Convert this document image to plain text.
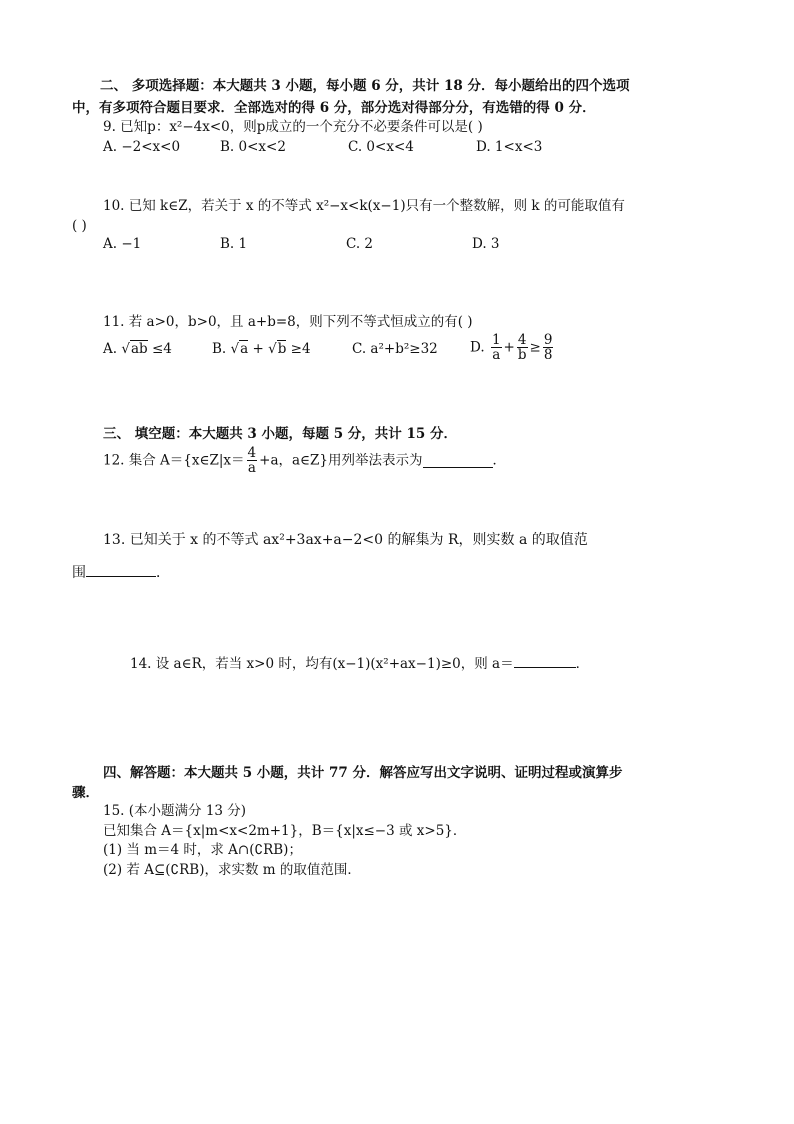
二、 多项选择题：本大题共 3 小题，每小题 6 分，共计 18 分．每小题给出的四个选项
中，有多项符合题目要求．全部选对的得 6 分，部分选对得部分分，有选错的得 0 分．
9. 已知p：x²−4x<0，则p成立的一个充分不必要条件可以是( )
A. −2<x<0	B. 0<x<2	C. 0<x<4	D. 1<x<3
10. 已知 k∈Z，若关于 x 的不等式 x²−x<k(x−1)只有一个整数解，则 k 的可能取值有
( )
A. −1	B. 1	C. 2	D. 3
11. 若 a>0，b>0，且 a+b=8，则下列不等式恒成立的有( )
A. √ab ≤4	B. √a + √b ≥4	C. a²+b²≥32 D. $\frac{1}{a} + \frac{4}{b} \ge \frac{9}{8}$
三、 填空题：本大题共 3 小题，每题 5 分，共计 15 分．
12. 集合 A＝{x∈Z|x＝ $\frac{4}{a} +a$，a∈Z}用列举法表示为	．
13. 已知关于 x 的不等式 ax²+3ax+a−2<0 的解集为 R，则实数 a 的取值范
围	．
14. 设 a∈R，若当 x>0 时，均有(x−1)(x²+ax−1)≥0，则 a＝	．
四、解答题：本大题共 5 小题，共计 77 分．解答应写出文字说明、证明过程或演算步
骤．
15. (本小题满分 13 分)
已知集合 A＝{x|m<x<2m+1}，B＝{x|x≤−3 或 x>5}．
(1) 当 m＝4 时，求 A∩(∁RB)；
(2) 若 A⊆(∁RB)，求实数 m 的取值范围．
